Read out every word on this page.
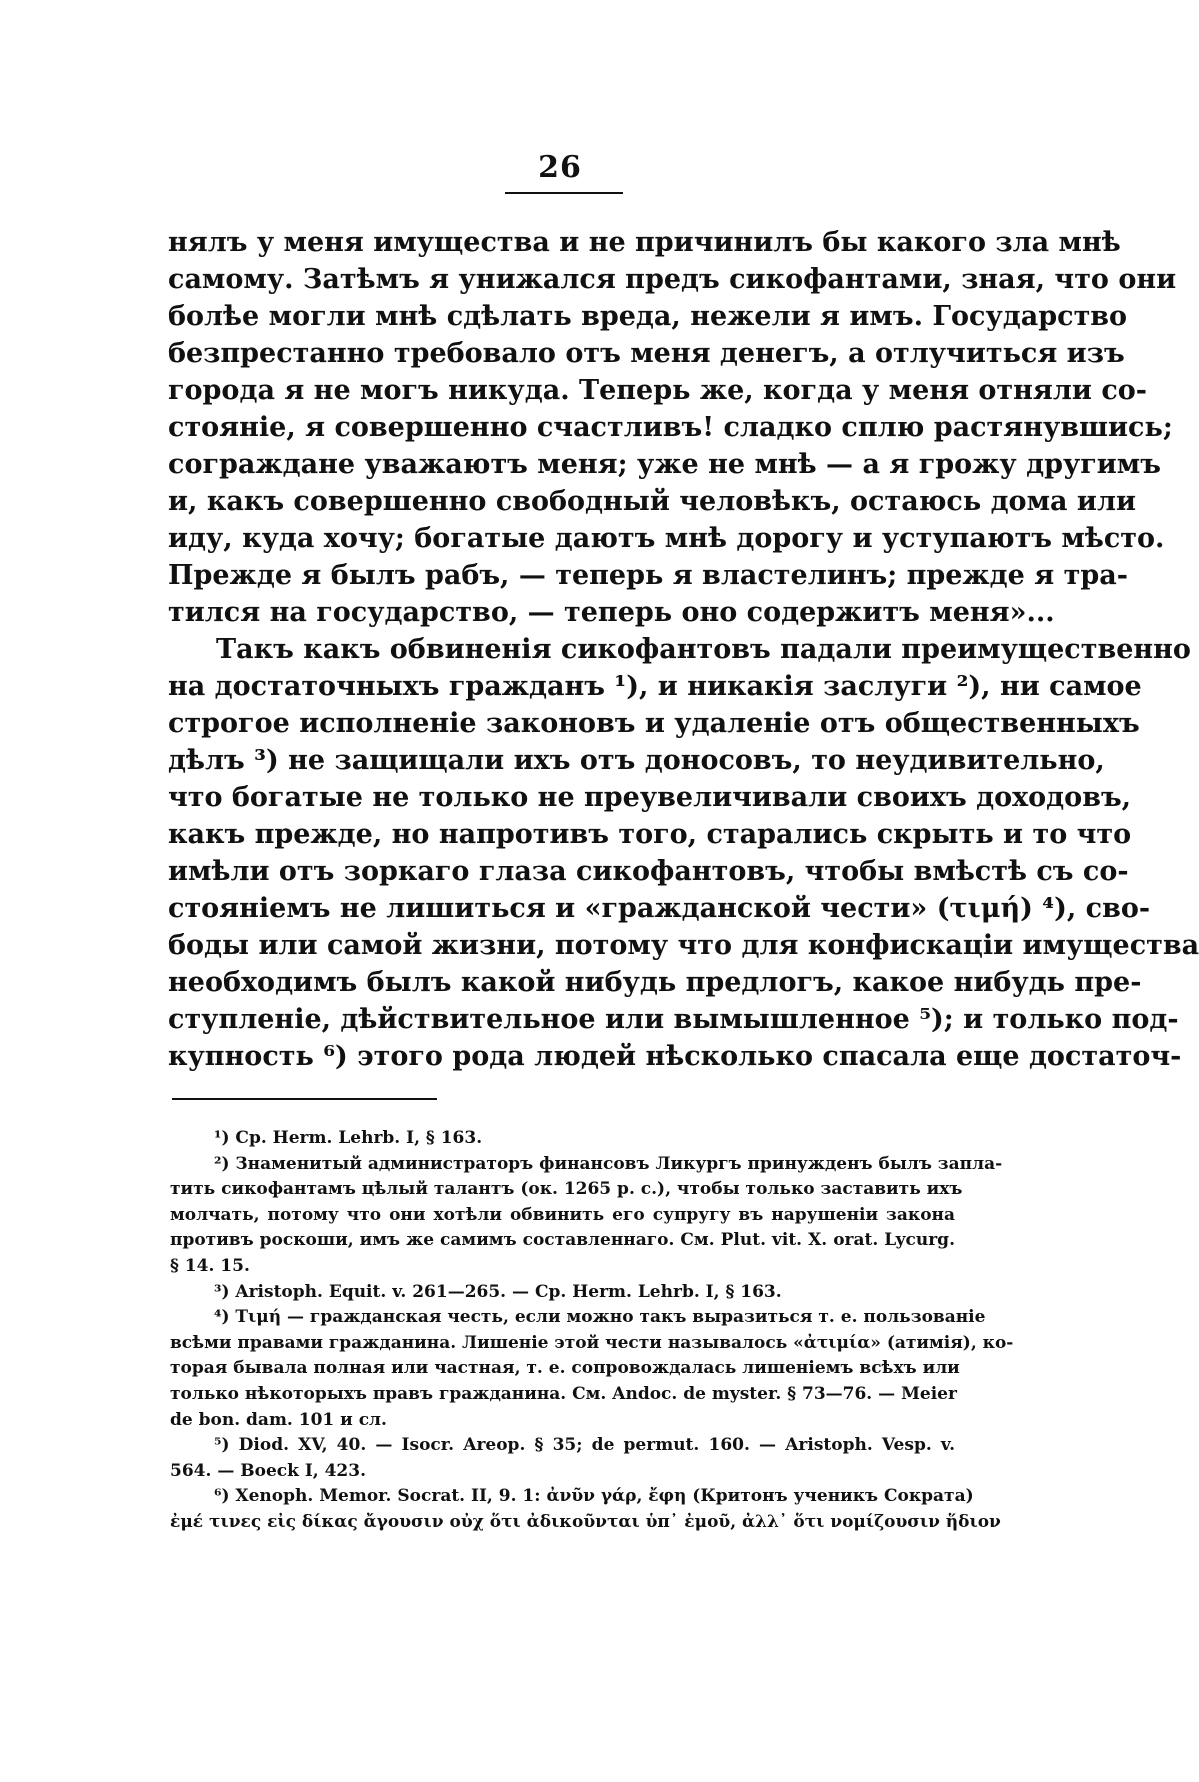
26
нялъ у меня имущества и не причинилъ бы какого зла мнѣ
самому. Затѣмъ я унижался предъ сикофантами, зная, что они
болѣе могли мнѣ сдѣлать вреда, нежели я имъ. Государство
безпрестанно требовало отъ меня денегъ, а отлучиться изъ
города я не могъ никуда. Теперь же, когда у меня отняли со-
стояніе, я совершенно счастливъ! сладко сплю растянувшись;
сограждане уважаютъ меня; уже не мнѣ — а я грожу другимъ
и, какъ совершенно свободный человѣкъ, остаюсь дома или
иду, куда хочу; богатые даютъ мнѣ дорогу и уступаютъ мѣсто.
Прежде я былъ рабъ, — теперь я властелинъ; прежде я тра-
тился на государство, — теперь оно содержитъ меня»...
Такъ какъ обвиненія сикофантовъ падали преимущественно
на достаточныхъ гражданъ ¹), и никакія заслуги ²), ни самое
строгое исполненіе законовъ и удаленіе отъ общественныхъ
дѣлъ ³) не защищали ихъ отъ доносовъ, то неудивительно,
что богатые не только не преувеличивали своихъ доходовъ,
какъ прежде, но напротивъ того, старались скрыть и то что
имѣли отъ зоркаго глаза сикофантовъ, чтобы вмѣстѣ съ со-
стояніемъ не лишиться и «гражданской чести» (τιμή) ⁴), сво-
боды или самой жизни, потому что для конфискаціи имущества
необходимъ былъ какой нибудь предлогъ, какое нибудь пре-
ступленіе, дѣйствительное или вымышленное ⁵); и только под-
купность ⁶) этого рода людей нѣсколько спасала еще достаточ-
¹) Cp. Herm. Lehrb. I, § 163.
²) Знаменитый администраторъ финансовъ Ликургъ принужденъ былъ запла-
тить сикофантамъ цѣлый талантъ (ок. 1265 р. с.), чтобы только заставить ихъ
молчать, потому что они хотѣли обвинить его супругу въ нарушеніи закона
противъ роскоши, имъ же самимъ составленнаго. См. Plut. vit. X. orat. Lycurg.
§ 14. 15.
³) Aristoph. Equit. v. 261—265. — Cp. Herm. Lehrb. I, § 163.
⁴) Τιμή — гражданская честь, если можно такъ выразиться т. е. пользованіе
всѣми правами гражданина. Лишеніе этой чести называлось «ἀτιμία» (атимія), ко-
торая бывала полная или частная, т. е. сопровождалась лишеніемъ всѣхъ или
только нѣкоторыхъ правъ гражданина. См. Andoc. de myster. § 73—76. — Meier
de bon. dam. 101 и сл.
⁵) Diod. XV, 40. — Isocr. Areop. § 35; de permut. 160. — Aristoph. Vesp. v.
564. — Boeck I, 423.
⁶) Xenoph. Memor. Socrat. II, 9. 1: ἀνῦν γάρ, ἔφη (Критонъ ученикъ Сократа)
ἐμέ τινες εἰς δίκας ἄγουσιν οὐχ ὅτι ἀδικοῦνται ὑπ᾽ ἐμοῦ, ἀλλ᾽ ὅτι νομίζουσιν ἥδιον
